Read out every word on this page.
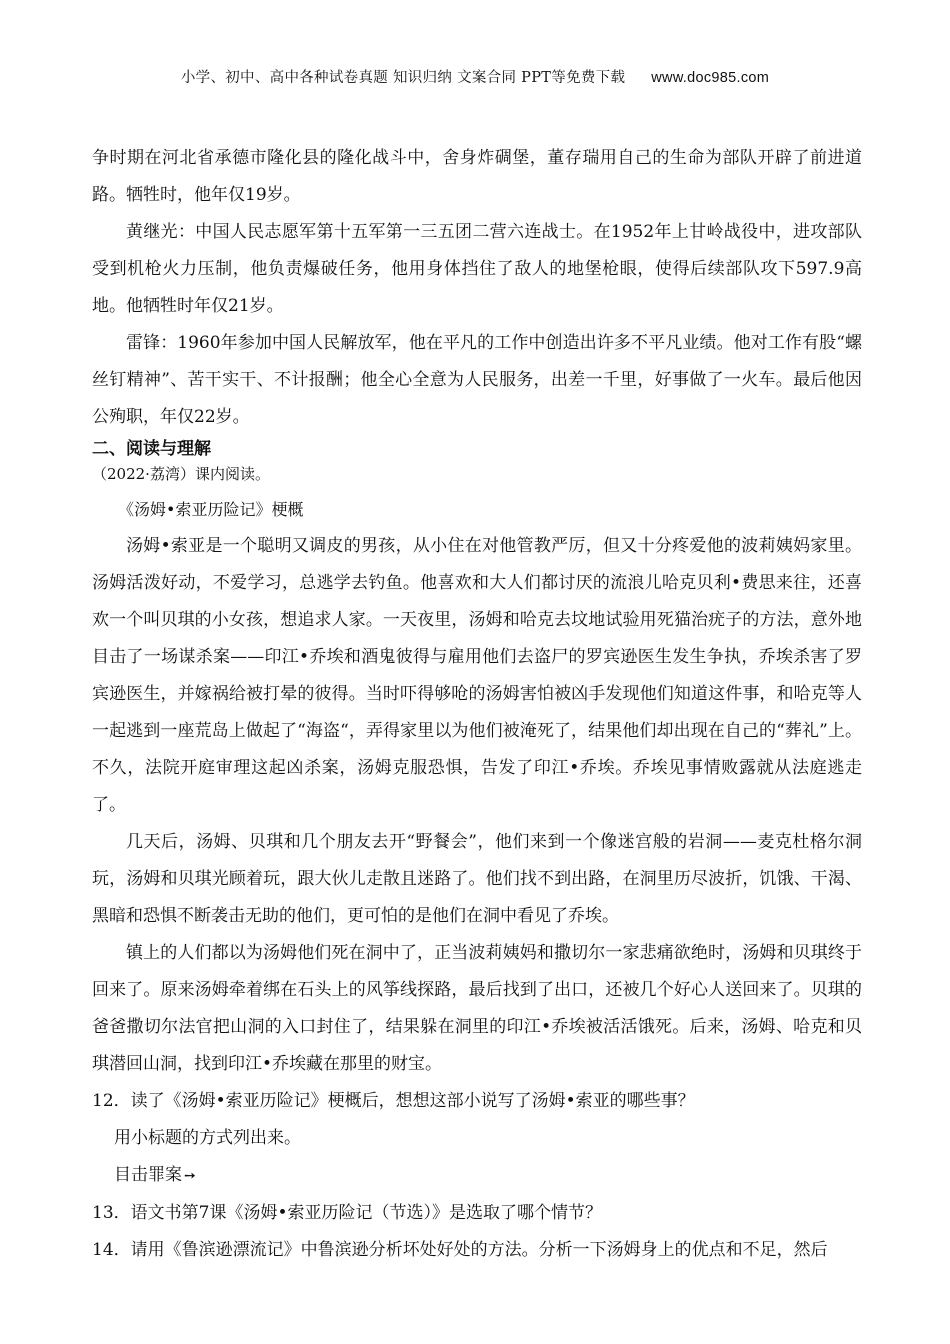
小学、初中、高中各种试卷真题 知识归纳 文案合同 PPT等免费下载 www.doc985.com

争时期在河北省承德市隆化县的隆化战斗中，舍身炸碉堡，董存瑞用自己的生命为部队开辟了前进道路。牺牲时，他年仅19岁。

黄继光：中国人民志愿军第十五军第一三五团二营六连战士。在1952年上甘岭战役中，进攻部队受到机枪火力压制，他负责爆破任务，他用身体挡住了敌人的地堡枪眼，使得后续部队攻下597.9高地。他牺牲时年仅21岁。

雷锋：1960年参加中国人民解放军，他在平凡的工作中创造出许多不平凡业绩。他对工作有股“螺丝钉精神”、苦干实干、不计报酬；他全心全意为人民服务，出差一千里，好事做了一火车。最后他因公殉职，年仅22岁。

二、阅读与理解

（2022·荔湾）课内阅读。

《汤姆•索亚历险记》梗概

汤姆•索亚是一个聪明又调皮的男孩，从小住在对他管教严厉，但又十分疼爱他的波莉姨妈家里。汤姆活泼好动，不爱学习，总逃学去钓鱼。他喜欢和大人们都讨厌的流浪儿哈克贝利•费思来往，还喜欢一个叫贝琪的小女孩，想追求人家。一天夜里，汤姆和哈克去坟地试验用死猫治疣子的方法，意外地目击了一场谋杀案——印江•乔埃和酒鬼彼得与雇用他们去盗尸的罗宾逊医生发生争执，乔埃杀害了罗宾逊医生，并嫁祸给被打晕的彼得。当时吓得够呛的汤姆害怕被凶手发现他们知道这件事，和哈克等人一起逃到一座荒岛上做起了“海盗“，弄得家里以为他们被淹死了，结果他们却出现在自己的“葬礼”上。不久，法院开庭审理这起凶杀案，汤姆克服恐惧，告发了印江•乔埃。乔埃见事情败露就从法庭逃走了。

几天后，汤姆、贝琪和几个朋友去开“野餐会”，他们来到一个像迷宫般的岩洞——麦克杜格尔洞玩，汤姆和贝琪光顾着玩，跟大伙儿走散且迷路了。他们找不到出路，在洞里历尽波折，饥饿、干渴、黑暗和恐惧不断袭击无助的他们，更可怕的是他们在洞中看见了乔埃。

镇上的人们都以为汤姆他们死在洞中了，正当波莉姨妈和撒切尔一家悲痛欲绝时，汤姆和贝琪终于回来了。原来汤姆牵着绑在石头上的风筝线探路，最后找到了出口，还被几个好心人送回来了。贝琪的爸爸撒切尔法官把山洞的入口封住了，结果躲在洞里的印江•乔埃被活活饿死。后来，汤姆、哈克和贝琪潜回山洞，找到印江•乔埃藏在那里的财宝。

12．读了《汤姆•索亚历险记》梗概后，想想这部小说写了汤姆•索亚的哪些事？

用小标题的方式列出来。

目击罪案 ➙

13．语文书第7课《汤姆•索亚历险记（节选）》是选取了哪个情节？

14．请用《鲁滨逊漂流记》中鲁滨逊分析坏处好处的方法。分析一下汤姆身上的优点和不足，然后
